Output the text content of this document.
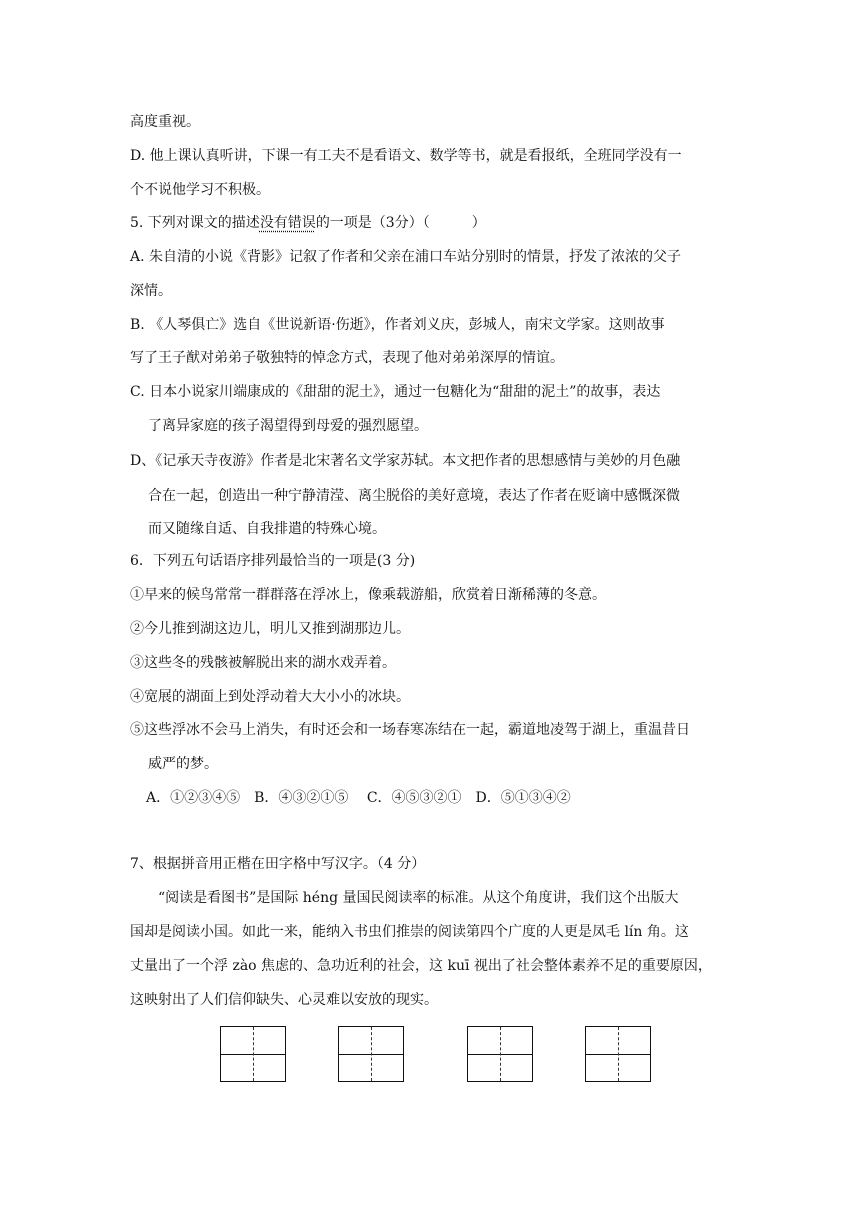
高度重视。
D. 他上课认真听讲，下课一有工夫不是看语文、数学等书，就是看报纸，全班同学没有一
个不说他学习不积极。
5. 下列对课文的描述没有错误的一项是（3分）（　　　）
A. 朱自清的小说《背影》记叙了作者和父亲在浦口车站分别时的情景，抒发了浓浓的父子
深情。
B. 《人琴俱亡》选自《世说新语·伤逝》，作者刘义庆，彭城人，南宋文学家。这则故事
写了王子猷对弟弟子敬独特的悼念方式，表现了他对弟弟深厚的情谊。
C. 日本小说家川端康成的《甜甜的泥土》，通过一包糖化为“甜甜的泥土”的故事，表达
了离异家庭的孩子渴望得到母爱的强烈愿望。
D、《记承天寺夜游》作者是北宋著名文学家苏轼。本文把作者的思想感情与美妙的月色融
合在一起，创造出一种宁静清滢、离尘脱俗的美好意境，表达了作者在贬谪中感慨深微
而又随缘自适、自我排遣的特殊心境。
6．下列五句话语序排列最恰当的一项是(3 分)
①早来的候鸟常常一群群落在浮冰上，像乘载游船，欣赏着日渐稀薄的冬意。
②今儿推到湖这边儿，明儿又推到湖那边儿。
③这些冬的残骸被解脱出来的湖水戏弄着。
④宽展的湖面上到处浮动着大大小小的冰块。
⑤这些浮冰不会马上消失，有时还会和一场春寒冻结在一起，霸道地凌驾于湖上，重温昔日
威严的梦。
A．①②③④⑤　B．④③②①⑤　 C．④⑤③②①　D．⑤①③④②
7、根据拼音用正楷在田字格中写汉字。（4 分）
“阅读是看图书”是国际 héng 量国民阅读率的标准。从这个角度讲，我们这个出版大
国却是阅读小国。如此一来，能纳入书虫们推崇的阅读第四个广度的人更是凤毛 lín 角。这
丈量出了一个浮 zào 焦虑的、急功近利的社会，这 kuī 视出了社会整体素养不足的重要原因，
这映射出了人们信仰缺失、心灵难以安放的现实。
